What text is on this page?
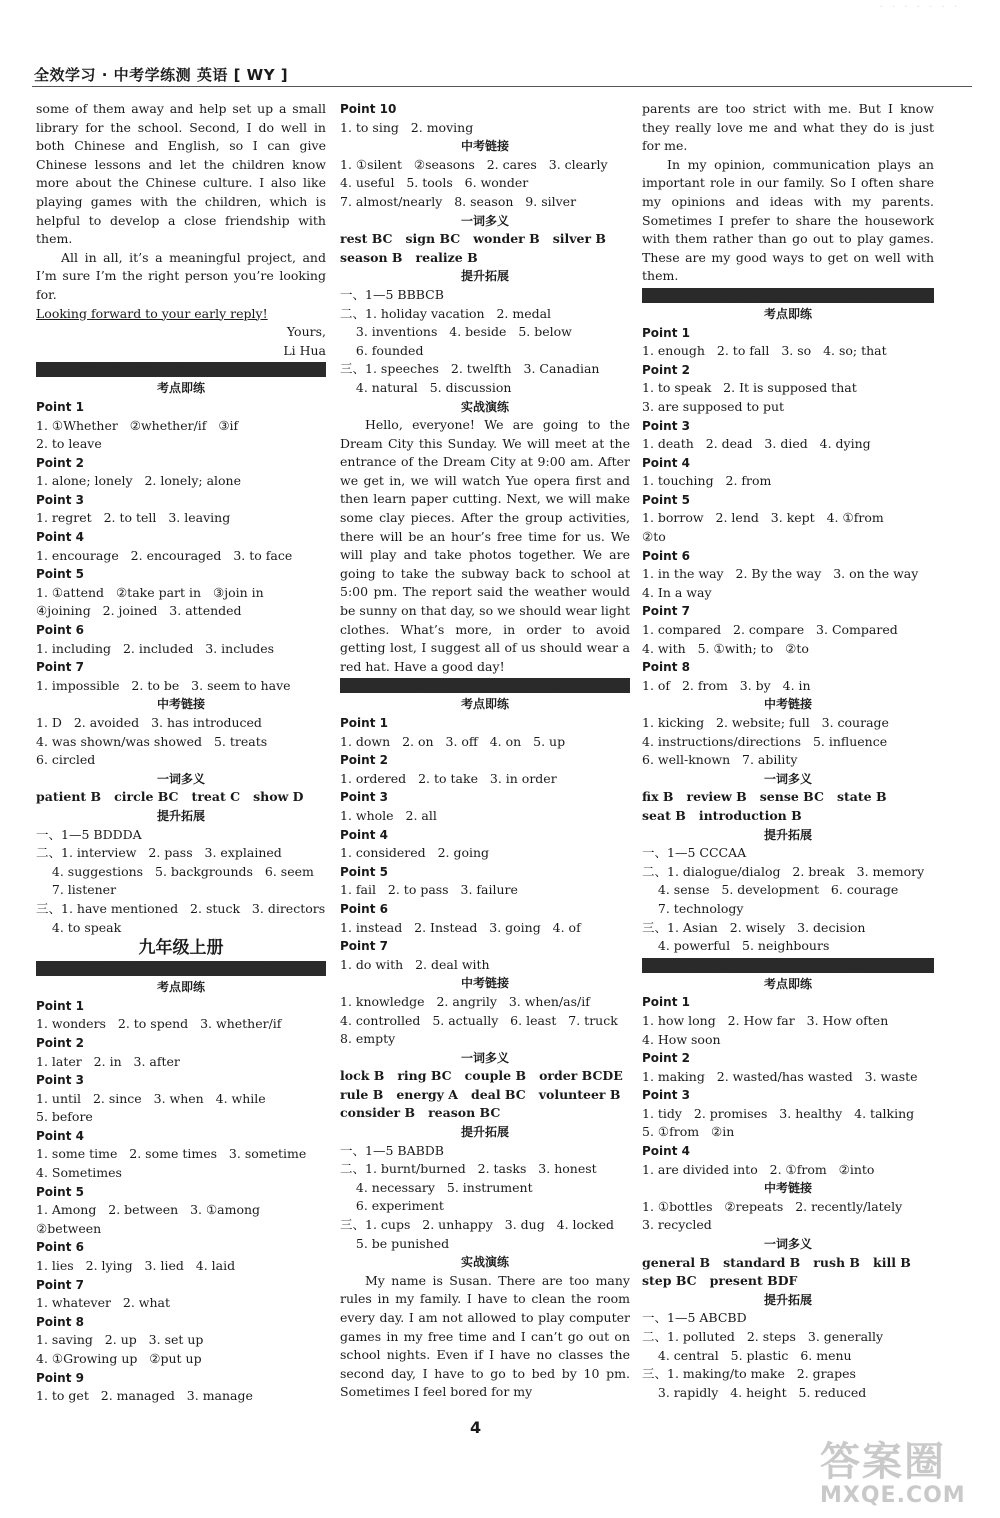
· · · · · · ·
全效学习 · 中考学练测 英语 [ WY ]
some of them away and help set up a small library for the school. Second, I do well in both Chinese and English, so I can give Chinese lessons and let the children know more about the Chinese culture. I also like playing games with the children, which is helpful to develop a close friendship with them.
All in all, it’s a meaningful project, and I’m sure I’m the right person you’re looking for.
Looking forward to your early reply!
Yours,
Li Hua
第12课时 Module 11—Module 12
考点即练
Point 1
1. ①Whether   ②whether/if   ③if
2. to leave
Point 2
1. alone; lonely   2. lonely; alone
Point 3
1. regret   2. to tell   3. leaving
Point 4
1. encourage   2. encouraged   3. to face
Point 5
1. ①attend   ②take part in   ③join in
④joining   2. joined   3. attended
Point 6
1. including   2. included   3. includes
Point 7
1. impossible   2. to be   3. seem to have
中考链接
1. D   2. avoided   3. has introduced
4. was shown/was showed   5. treats
6. circled
一词多义
patient B   circle BC   treat C   show D
提升拓展
一、1—5 BDDDA
二、1. interview   2. pass   3. explained
4. suggestions   5. backgrounds   6. seem
7. listener
三、1. have mentioned   2. stuck   3. directors
4. to speak
九年级上册
第14课时 Module 1—Module 3
考点即练
Point 1
1. wonders   2. to spend   3. whether/if
Point 2
1. later   2. in   3. after
Point 3
1. until   2. since   3. when   4. while
5. before
Point 4
1. some time   2. some times   3. sometime
4. Sometimes
Point 5
1. Among   2. between   3. ①among
②between
Point 6
1. lies   2. lying   3. lied   4. laid
Point 7
1. whatever   2. what
Point 8
1. saving   2. up   3. set up
4. ①Growing up   ②put up
Point 9
1. to get   2. managed   3. manage
Point 10
1. to sing   2. moving
中考链接
1. ①silent   ②seasons   2. cares   3. clearly
4. useful   5. tools   6. wonder
7. almost/nearly   8. season   9. silver
一词多义
rest BC   sign BC   wonder B   silver B
season B   realize B
提升拓展
一、1—5 BBBCB
二、1. holiday vacation   2. medal
3. inventions   4. beside   5. below
6. founded
三、1. speeches   2. twelfth   3. Canadian
4. natural   5. discussion
实战演练
Hello, everyone! We are going to the Dream City this Sunday. We will meet at the entrance of the Dream City at 9:00 am. After we get in, we will watch Yue opera first and then learn paper cutting. Next, we will make some clay pieces. After the group activities, there will be an hour’s free time for us. We will play and take photos together. We are going to take the subway back to school at 5:00 pm. The report said the weather would be sunny on that day, so we should wear light clothes. What’s more, in order to avoid getting lost, I suggest all of us should wear a red hat. Have a good day!
第15课时 Module 4—Module 6
考点即练
Point 1
1. down   2. on   3. off   4. on   5. up
Point 2
1. ordered   2. to take   3. in order
Point 3
1. whole   2. all
Point 4
1. considered   2. going
Point 5
1. fail   2. to pass   3. failure
Point 6
1. instead   2. Instead   3. going   4. of
Point 7
1. do with   2. deal with
中考链接
1. knowledge   2. angrily   3. when/as/if
4. controlled   5. actually   6. least   7. truck
8. empty
一词多义
lock B   ring BC   couple B   order BCDE
rule B   energy A   deal BC   volunteer B
consider B   reason BC
提升拓展
一、1—5 BABDB
二、1. burnt/burned   2. tasks   3. honest
4. necessary   5. instrument
6. experiment
三、1. cups   2. unhappy   3. dug   4. locked
5. be punished
实战演练
My name is Susan. There are too many rules in my family. I have to clean the room every day. I am not allowed to play computer games in my free time and I can’t go out on school nights. Even if I have no classes the second day, I have to go to bed by 10 pm. Sometimes I feel bored for my
parents are too strict with me. But I know they really love me and what they do is just for me.
In my opinion, communication plays an important role in our family. So I often share my opinions and ideas with my parents. Sometimes I prefer to share the housework with them rather than go out to play games. These are my good ways to get on well with them.
第16课时 Module 7—Module 9
考点即练
Point 1
1. enough   2. to fall   3. so   4. so; that
Point 2
1. to speak   2. It is supposed that
3. are supposed to put
Point 3
1. death   2. dead   3. died   4. dying
Point 4
1. touching   2. from
Point 5
1. borrow   2. lend   3. kept   4. ①from
②to
Point 6
1. in the way   2. By the way   3. on the way
4. In a way
Point 7
1. compared   2. compare   3. Compared
4. with   5. ①with; to   ②to
Point 8
1. of   2. from   3. by   4. in
中考链接
1. kicking   2. website; full   3. courage
4. instructions/directions   5. influence
6. well-known   7. ability
一词多义
fix B   review B   sense BC   state B
seat B   introduction B
提升拓展
一、1—5 CCCAA
二、1. dialogue/dialog   2. break   3. memory
4. sense   5. development   6. courage
7. technology
三、1. Asian   2. wisely   3. decision
4. powerful   5. neighbours
第17课时 Module 10—Module 12
考点即练
Point 1
1. how long   2. How far   3. How often
4. How soon
Point 2
1. making   2. wasted/has wasted   3. waste
Point 3
1. tidy   2. promises   3. healthy   4. talking
5. ①from   ②in
Point 4
1. are divided into   2. ①from   ②into
中考链接
1. ①bottles   ②repeats   2. recently/lately
3. recycled
一词多义
general B   standard B   rush B   kill B
step BC   present BDF
提升拓展
一、1—5 ABCBD
二、1. polluted   2. steps   3. generally
4. central   5. plastic   6. menu
三、1. making/to make   2. grapes
3. rapidly   4. height   5. reduced
4
答案圈
MXQE.COM
